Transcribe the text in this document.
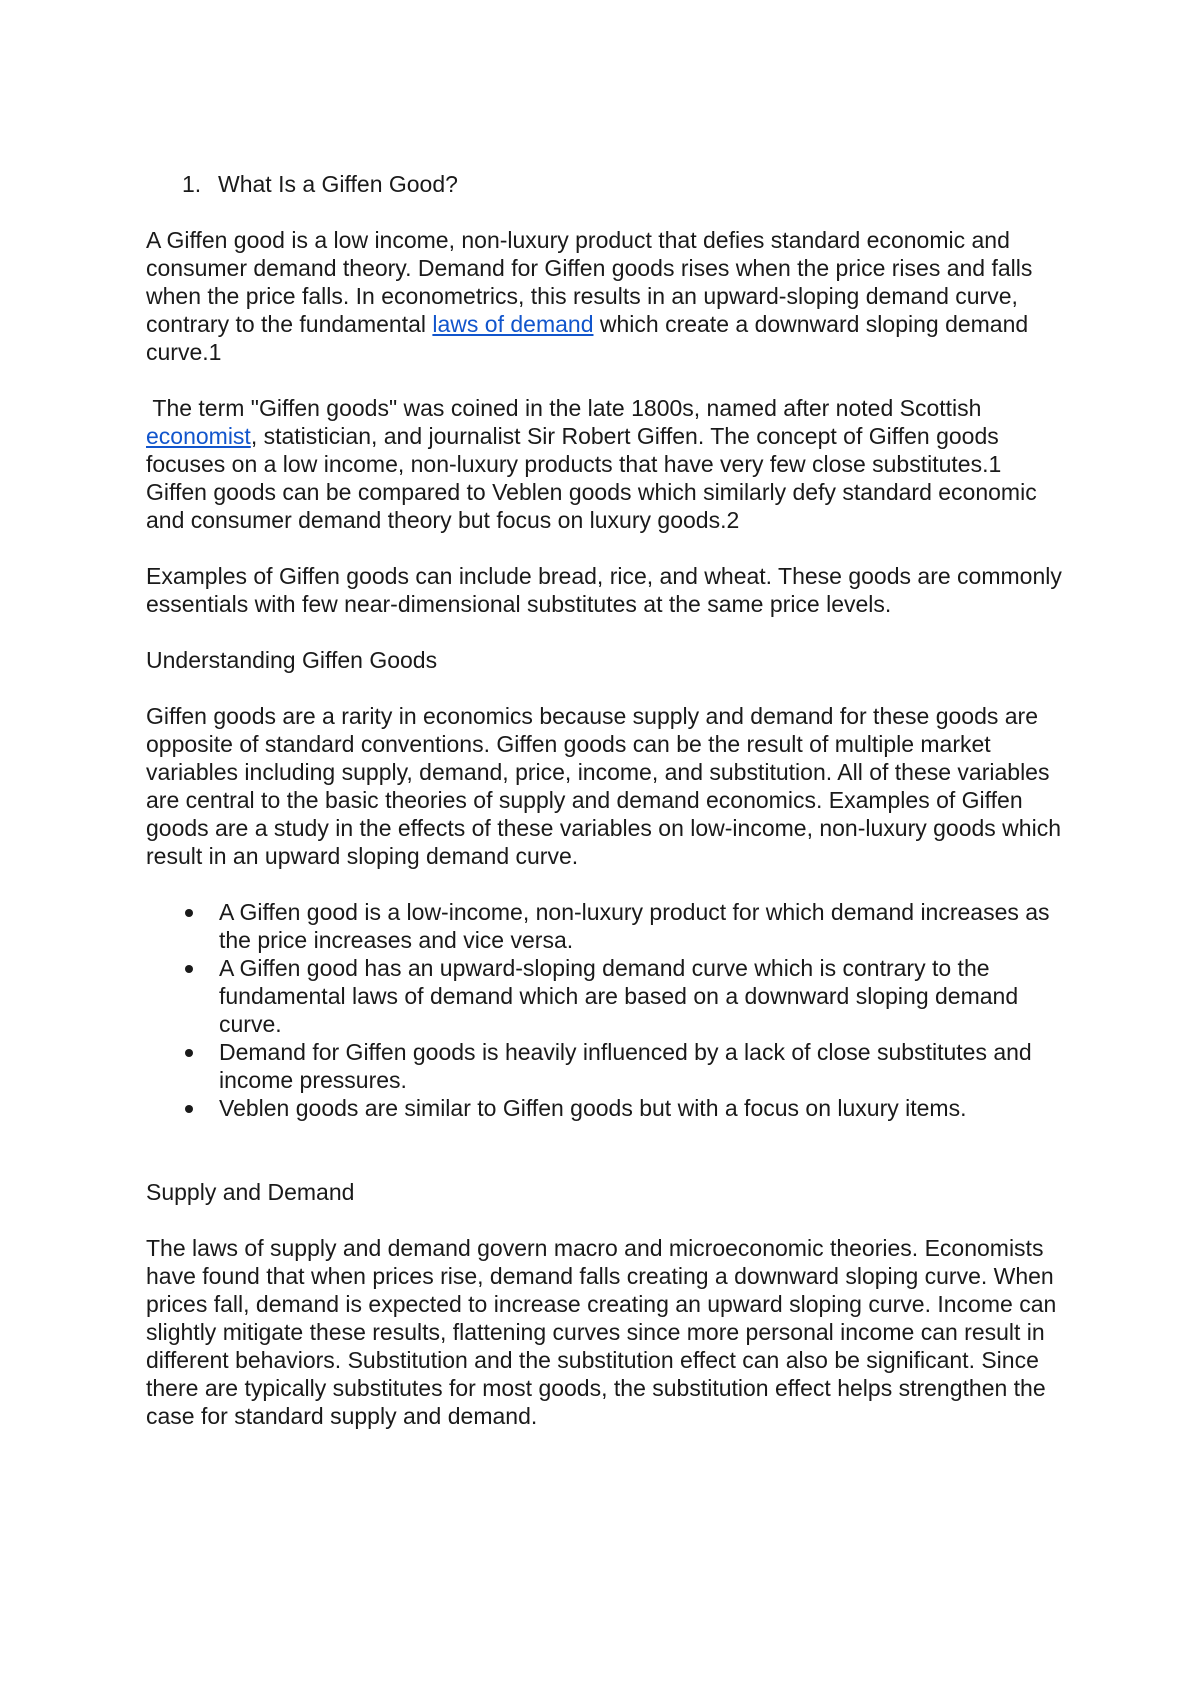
1. What Is a Giffen Good?

A Giffen good is a low income, non-luxury product that defies standard economic and consumer demand theory. Demand for Giffen goods rises when the price rises and falls when the price falls. In econometrics, this results in an upward-sloping demand curve, contrary to the fundamental laws of demand which create a downward sloping demand curve.1

The term "Giffen goods" was coined in the late 1800s, named after noted Scottish economist, statistician, and journalist Sir Robert Giffen. The concept of Giffen goods focuses on a low income, non-luxury products that have very few close substitutes.1 Giffen goods can be compared to Veblen goods which similarly defy standard economic and consumer demand theory but focus on luxury goods.2

Examples of Giffen goods can include bread, rice, and wheat. These goods are commonly essentials with few near-dimensional substitutes at the same price levels.

Understanding Giffen Goods

Giffen goods are a rarity in economics because supply and demand for these goods are opposite of standard conventions. Giffen goods can be the result of multiple market variables including supply, demand, price, income, and substitution. All of these variables are central to the basic theories of supply and demand economics. Examples of Giffen goods are a study in the effects of these variables on low-income, non-luxury goods which result in an upward sloping demand curve.

A Giffen good is a low-income, non-luxury product for which demand increases as the price increases and vice versa.
A Giffen good has an upward-sloping demand curve which is contrary to the fundamental laws of demand which are based on a downward sloping demand curve.
Demand for Giffen goods is heavily influenced by a lack of close substitutes and income pressures.
Veblen goods are similar to Giffen goods but with a focus on luxury items.

Supply and Demand

The laws of supply and demand govern macro and microeconomic theories. Economists have found that when prices rise, demand falls creating a downward sloping curve. When prices fall, demand is expected to increase creating an upward sloping curve. Income can slightly mitigate these results, flattening curves since more personal income can result in different behaviors. Substitution and the substitution effect can also be significant. Since there are typically substitutes for most goods, the substitution effect helps strengthen the case for standard supply and demand.
